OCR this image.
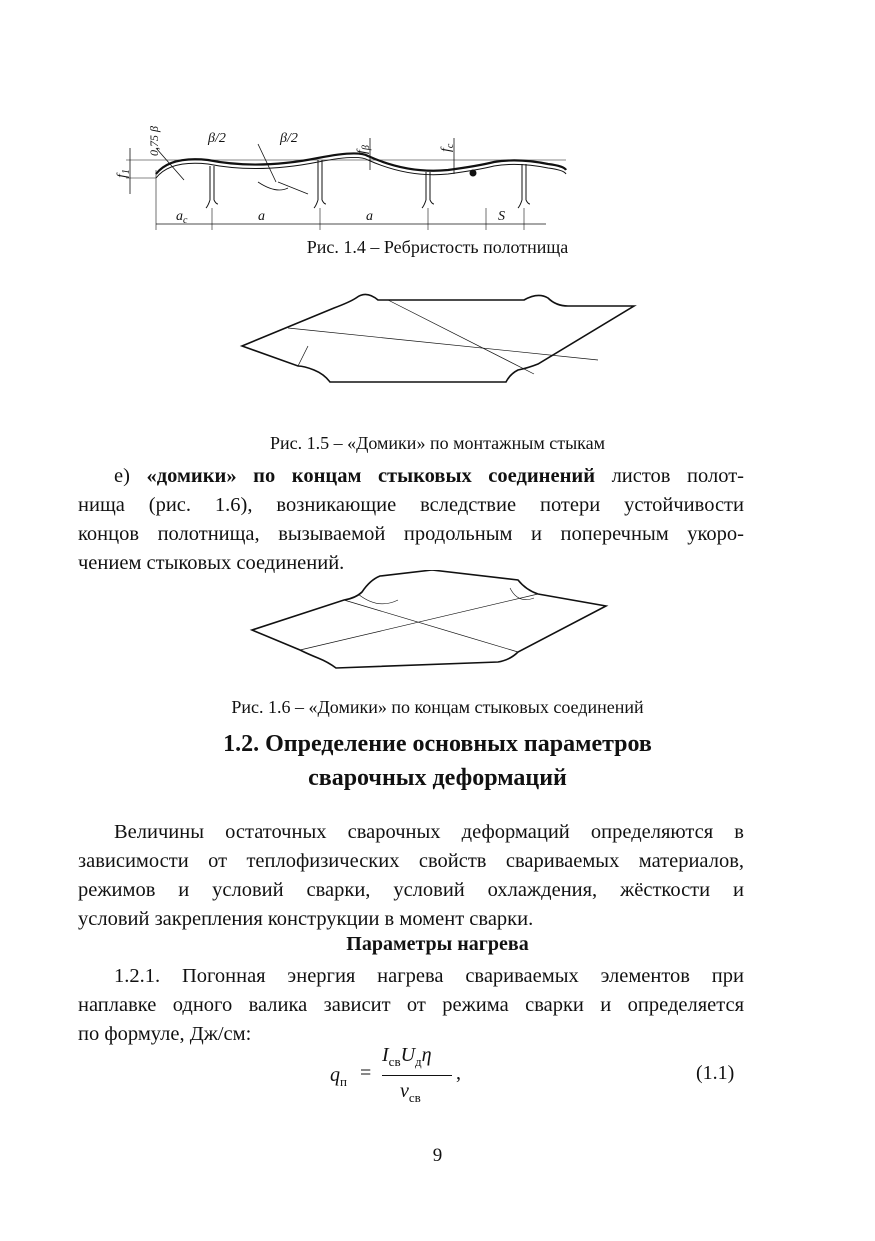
$f_1$
0,75 β	β/2	β/2
$f_\beta$	$f_c$
$a_c$	a	a	S
Рис. 1.4 – Ребристость полотнища
Рис. 1.5 – «Домики» по монтажным стыкам

е) «домики» по концам стыковых соединений листов полот-
нища (рис. 1.6), возникающие вследствие потери устойчивости
концов полотнища, вызываемой продольным и поперечным укоро-
чением стыковых соединений.

Рис. 1.6 – «Домики» по концам стыковых соединений
1.2. Определение основных параметров
сварочных деформаций

Величины остаточных сварочных деформаций определяются в
зависимости от теплофизических свойств свариваемых материалов,
режимов и условий сварки, условий охлаждения, жёсткости и
условий закрепления конструкции в момент сварки.

Параметры нагрева

1.2.1. Погонная энергия нагрева свариваемых элементов при
наплавке одного валика зависит от режима сварки и определяется
по формуле, Дж/см:

$q_п$ =
$I_{св}U_д\eta$
$v_{св}$
,	(1.1)
9
